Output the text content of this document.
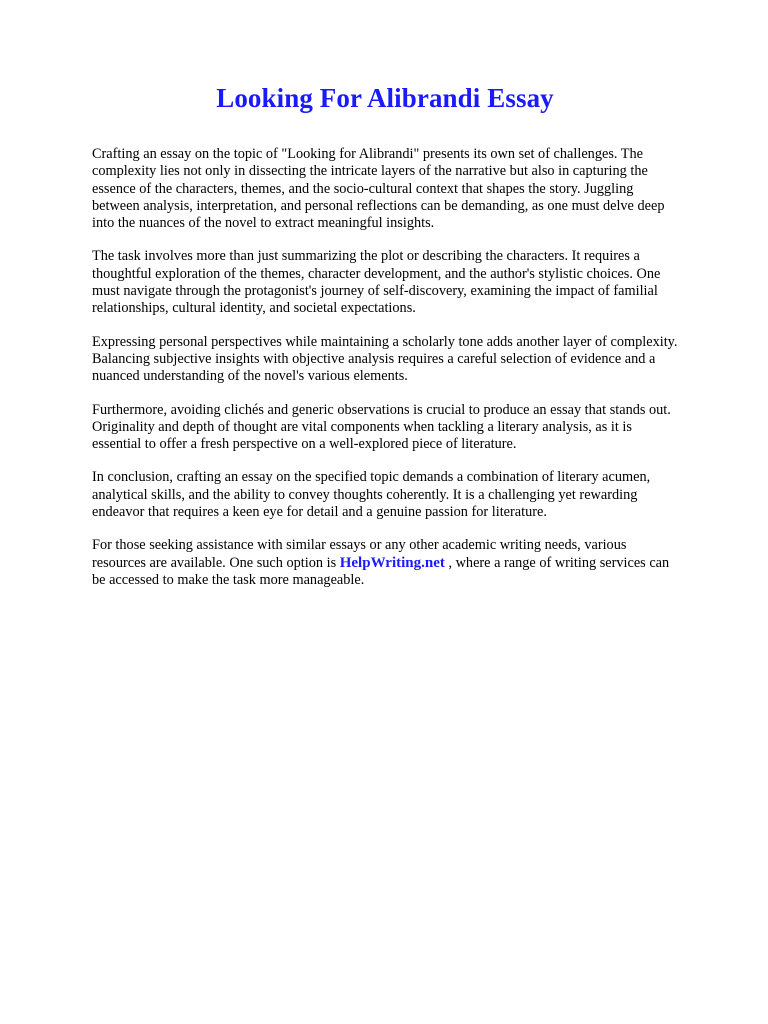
Looking For Alibrandi Essay

Crafting an essay on the topic of "Looking for Alibrandi" presents its own set of challenges. The complexity lies not only in dissecting the intricate layers of the narrative but also in capturing the essence of the characters, themes, and the socio-cultural context that shapes the story. Juggling between analysis, interpretation, and personal reflections can be demanding, as one must delve deep into the nuances of the novel to extract meaningful insights.

The task involves more than just summarizing the plot or describing the characters. It requires a thoughtful exploration of the themes, character development, and the author's stylistic choices. One must navigate through the protagonist's journey of self-discovery, examining the impact of familial relationships, cultural identity, and societal expectations.

Expressing personal perspectives while maintaining a scholarly tone adds another layer of complexity. Balancing subjective insights with objective analysis requires a careful selection of evidence and a nuanced understanding of the novel's various elements.

Furthermore, avoiding clichés and generic observations is crucial to produce an essay that stands out. Originality and depth of thought are vital components when tackling a literary analysis, as it is essential to offer a fresh perspective on a well-explored piece of literature.

In conclusion, crafting an essay on the specified topic demands a combination of literary acumen, analytical skills, and the ability to convey thoughts coherently. It is a challenging yet rewarding endeavor that requires a keen eye for detail and a genuine passion for literature.

For those seeking assistance with similar essays or any other academic writing needs, various resources are available. One such option is HelpWriting.net , where a range of writing services can be accessed to make the task more manageable.
